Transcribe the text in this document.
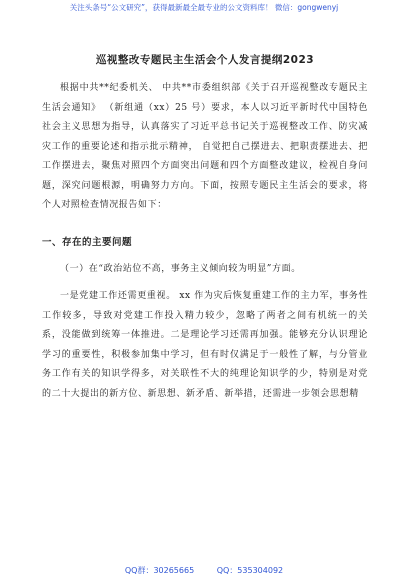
关注头条号“公文研究”，获得最新最全最专业的公文资料库！ 微信：gongwenyj
巡视整改专题民主生活会个人发言提纲2023

根据中共**纪委机关、 中共**市委组织部《关于召开巡视整改专题民主生活会通知》 （新组通（xx）25 号）要求，本人以习近平新时代中国特色社会主义思想为指导，认真落实了习近平总书记关于巡视整改工作、防灾减灾工作的重要论述和指示批示精神， 自觉把自己摆进去、把职责摆进去、把工作摆进去，聚焦对照四个方面突出问题和四个方面整改建议，检视自身问题，深究问题根源，明确努力方向。下面，按照专题民主生活会的要求，将个人对照检查情况报告如下：

一、存在的主要问题

（一）在“政治站位不高，事务主义倾向较为明显”方面。

一是党建工作还需更重视。 xx 作为灾后恢复重建工作的主力军，事务性工作较多，导致对党建工作投入精力较少，忽略了两者之间有机统一的关系，没能做到统筹一体推进。二是理论学习还需再加强。能够充分认识理论学习的重要性，积极参加集中学习，但有时仅满足于一般性了解，与分管业务工作有关的知识学得多，对关联性不大的纯理论知识学的少，特别是对党的二十大提出的新方位、新思想、新矛盾、新举措，还需进一步领会思想精

QQ群：30265665	QQ：535304092
